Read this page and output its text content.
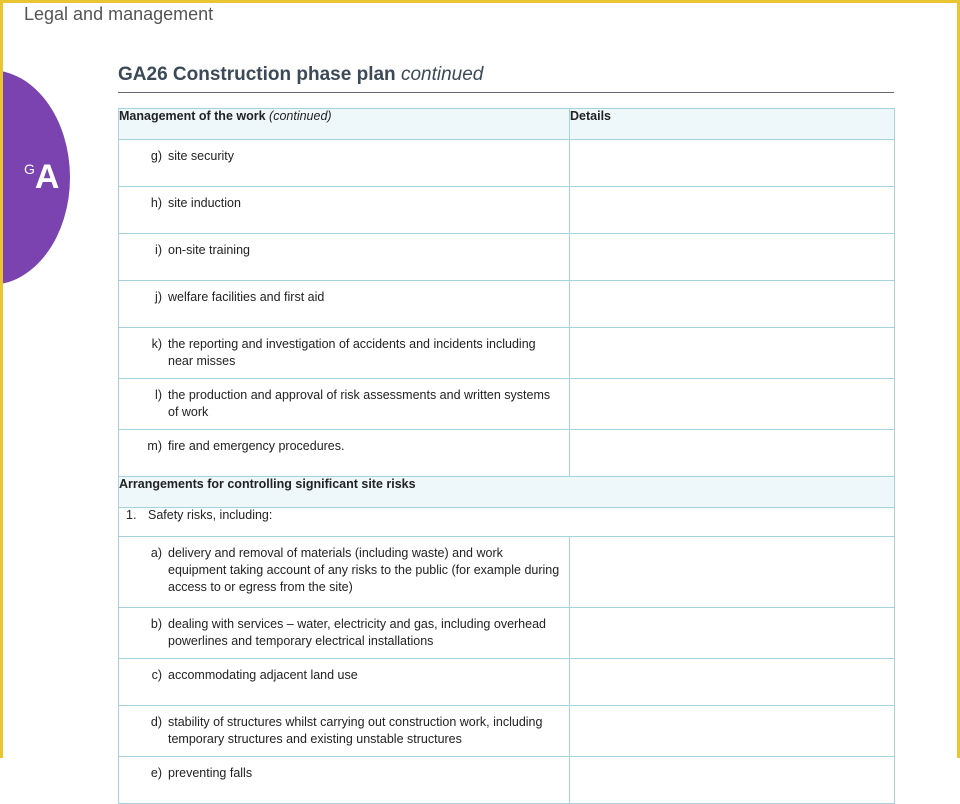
Legal and management
GA
GA26 Construction phase plan continued
Management of the work (continued)	Details

g) site security	

h) site induction	

i) on-site training	

j) welfare facilities and first aid	

k) the reporting and investigation of accidents and incidents including near misses	

l) the production and approval of risk assessments and written systems of work	

m) fire and emergency procedures.	
Arrangements for controlling significant site risks	
1. Safety risks, including:	

a) delivery and removal of materials (including waste) and work equipment taking account of any risks to the public (for example during access to or egress from the site)	

b) dealing with services – water, electricity and gas, including overhead powerlines and temporary electrical installations	

c) accommodating adjacent land use	

d) stability of structures whilst carrying out construction work, including temporary structures and existing unstable structures	

e) preventing falls	
